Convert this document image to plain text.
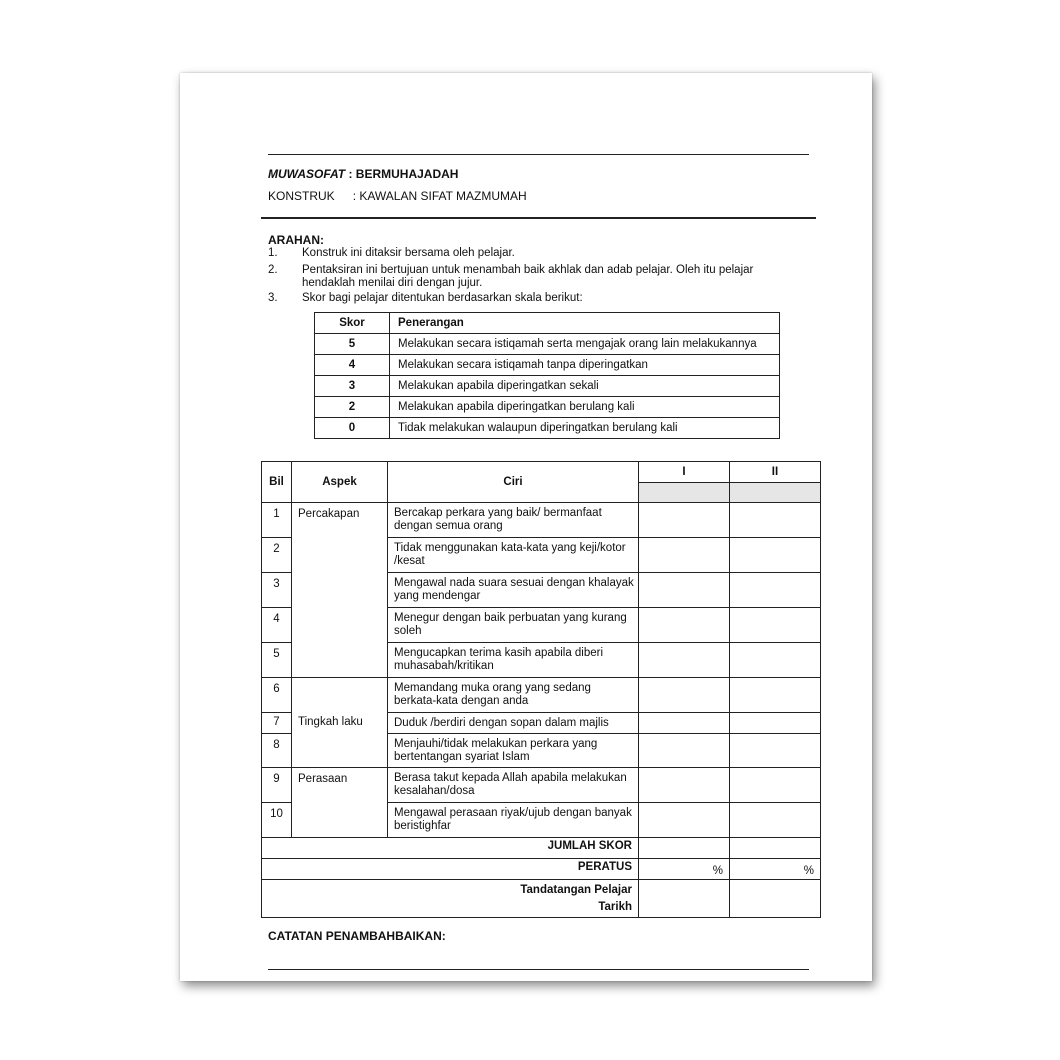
MUWASOFAT : BERMUHAJADAH
KONSTRUK : KAWALAN SIFAT MAZMUMAH
ARAHAN:
1. Konstruk ini ditaksir bersama oleh pelajar.
2. Pentaksiran ini bertujuan untuk menambah baik akhlak dan adab pelajar. Oleh itu pelajar hendaklah menilai diri dengan jujur.
3. Skor bagi pelajar ditentukan berdasarkan skala berikut:
Skor	Penerangan
5	Melakukan secara istiqamah serta mengajak orang lain melakukannya
4	Melakukan secara istiqamah tanpa diperingatkan
3	Melakukan apabila diperingatkan sekali
2	Melakukan apabila diperingatkan berulang kali
0	Tidak melakukan walaupun diperingatkan berulang kali
Bil	Aspek	Ciri	I	II

1	Percakapan	Bercakap perkara yang baik/ bermanfaat dengan semua orang		
2		Tidak menggunakan kata-kata yang keji/kotor /kesat		
3		Mengawal nada suara sesuai dengan khalayak yang mendengar		
4		Menegur dengan baik perbuatan yang kurang soleh		
5		Mengucapkan terima kasih apabila diberi muhasabah/kritikan		
6	Tingkah laku	Memandang muka orang yang sedang berkata-kata dengan anda		
7		Duduk /berdiri dengan sopan dalam majlis		
8		Menjauhi/tidak melakukan perkara yang bertentangan syariat Islam		
9	Perasaan	Berasa takut kepada Allah apabila melakukan kesalahan/dosa		
10		Mengawal perasaan riyak/ujub dengan banyak beristighfar		
JUMLAH SKOR				
PERATUS			%	%

Tandatangan Pelajar
Tarikh				

CATATAN PENAMBAHBAIKAN:
